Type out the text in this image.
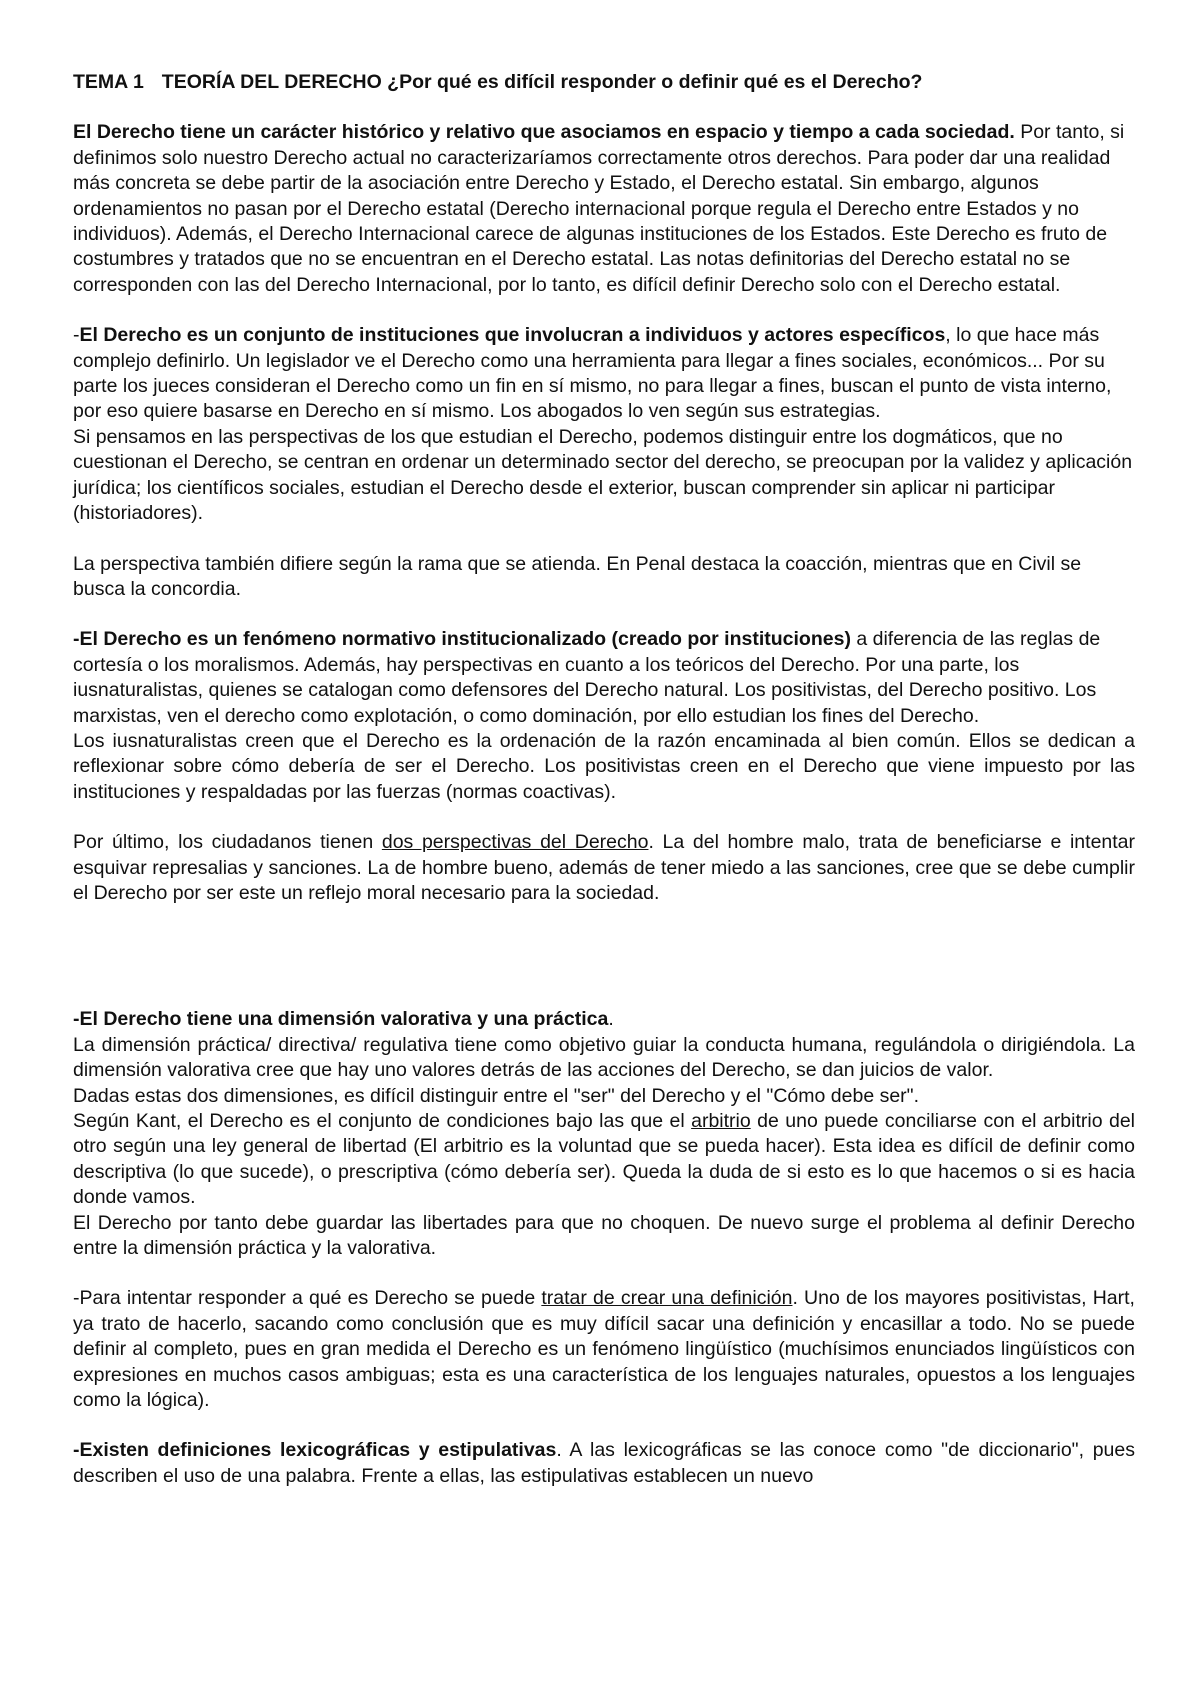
TEMA 1 TEORÍA DEL DERECHO ¿Por qué es difícil responder o definir qué es el Derecho?

El Derecho tiene un carácter histórico y relativo que asociamos en espacio y tiempo a cada sociedad. Por tanto, si definimos solo nuestro Derecho actual no caracterizaríamos correctamente otros derechos. Para poder dar una realidad más concreta se debe partir de la asociación entre Derecho y Estado, el Derecho estatal. Sin embargo, algunos ordenamientos no pasan por el Derecho estatal (Derecho internacional porque regula el Derecho entre Estados y no individuos). Además, el Derecho Internacional carece de algunas instituciones de los Estados. Este Derecho es fruto de costumbres y tratados que no se encuentran en el Derecho estatal. Las notas definitorias del Derecho estatal no se corresponden con las del Derecho Internacional, por lo tanto, es difícil definir Derecho solo con el Derecho estatal.

-El Derecho es un conjunto de instituciones que involucran a individuos y actores específicos, lo que hace más complejo definirlo. Un legislador ve el Derecho como una herramienta para llegar a fines sociales, económicos... Por su parte los jueces consideran el Derecho como un fin en sí mismo, no para llegar a fines, buscan el punto de vista interno, por eso quiere basarse en Derecho en sí mismo. Los abogados lo ven según sus estrategias.

Si pensamos en las perspectivas de los que estudian el Derecho, podemos distinguir entre los dogmáticos, que no cuestionan el Derecho, se centran en ordenar un determinado sector del derecho, se preocupan por la validez y aplicación jurídica; los científicos sociales, estudian el Derecho desde el exterior, buscan comprender sin aplicar ni participar (historiadores).

La perspectiva también difiere según la rama que se atienda. En Penal destaca la coacción, mientras que en Civil se busca la concordia.

-El Derecho es un fenómeno normativo institucionalizado (creado por instituciones) a diferencia de las reglas de cortesía o los moralismos. Además, hay perspectivas en cuanto a los teóricos del Derecho. Por una parte, los iusnaturalistas, quienes se catalogan como defensores del Derecho natural. Los positivistas, del Derecho positivo. Los marxistas, ven el derecho como explotación, o como dominación, por ello estudian los fines del Derecho.

Los iusnaturalistas creen que el Derecho es la ordenación de la razón encaminada al bien común. Ellos se dedican a reflexionar sobre cómo debería de ser el Derecho. Los positivistas creen en el Derecho que viene impuesto por las instituciones y respaldadas por las fuerzas (normas coactivas).

Por último, los ciudadanos tienen dos perspectivas del Derecho. La del hombre malo, trata de beneficiarse e intentar esquivar represalias y sanciones. La de hombre bueno, además de tener miedo a las sanciones, cree que se debe cumplir el Derecho por ser este un reflejo moral necesario para la sociedad.

-El Derecho tiene una dimensión valorativa y una práctica.

La dimensión práctica/ directiva/ regulativa tiene como objetivo guiar la conducta humana, regulándola o dirigiéndola. La dimensión valorativa cree que hay uno valores detrás de las acciones del Derecho, se dan juicios de valor.

Dadas estas dos dimensiones, es difícil distinguir entre el "ser" del Derecho y el "Cómo debe ser".

Según Kant, el Derecho es el conjunto de condiciones bajo las que el arbitrio de uno puede conciliarse con el arbitrio del otro según una ley general de libertad (El arbitrio es la voluntad que se pueda hacer). Esta idea es difícil de definir como descriptiva (lo que sucede), o prescriptiva (cómo debería ser). Queda la duda de si esto es lo que hacemos o si es hacia donde vamos.

El Derecho por tanto debe guardar las libertades para que no choquen. De nuevo surge el problema al definir Derecho entre la dimensión práctica y la valorativa.

-Para intentar responder a qué es Derecho se puede tratar de crear una definición. Uno de los mayores positivistas, Hart, ya trato de hacerlo, sacando como conclusión que es muy difícil sacar una definición y encasillar a todo. No se puede definir al completo, pues en gran medida el Derecho es un fenómeno lingüístico (muchísimos enunciados lingüísticos con expresiones en muchos casos ambiguas; esta es una característica de los lenguajes naturales, opuestos a los lenguajes como la lógica).

-Existen definiciones lexicográficas y estipulativas. A las lexicográficas se las conoce como "de diccionario", pues describen el uso de una palabra. Frente a ellas, las estipulativas establecen un nuevo
